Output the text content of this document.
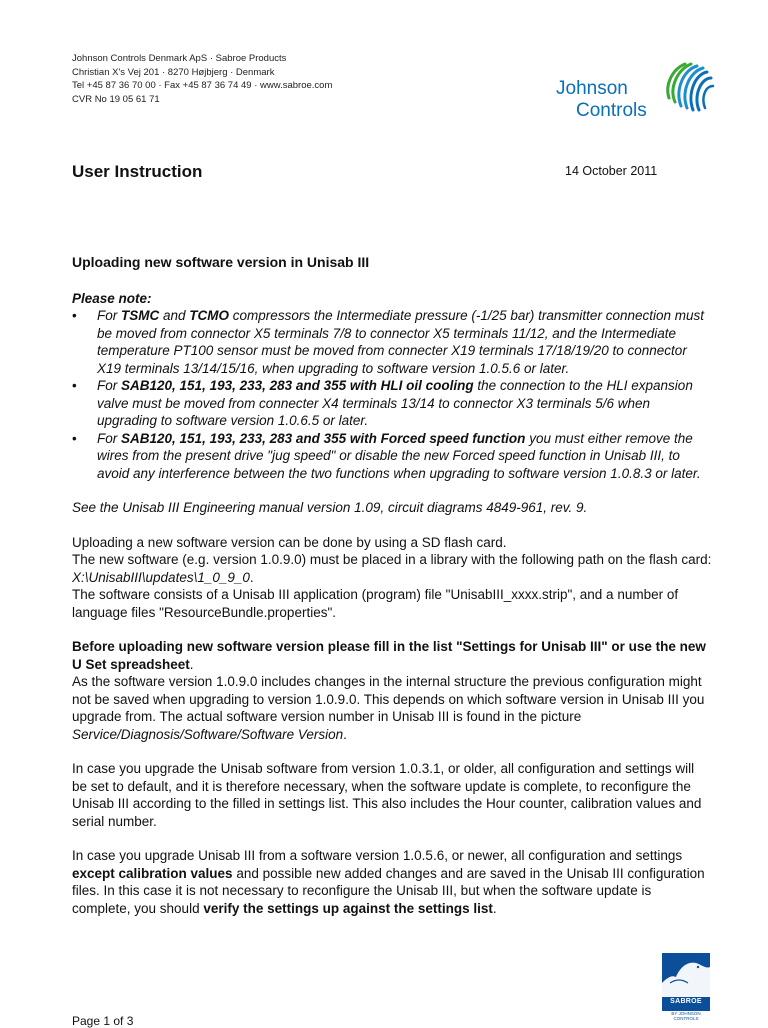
Johnson Controls Denmark ApS · Sabroe Products
Christian X's Vej 201 · 8270 Højbjerg · Denmark
Tel +45 87 36 70 00 · Fax +45 87 36 74 49 · www.sabroe.com
CVR No 19 05 61 71	Johnson
Controls
User Instruction	14 October 2011

Uploading new software version in Unisab III

Please note:

• For TSMC and TCMO compressors the Intermediate pressure (-1/25 bar) transmitter connection must be moved from connector X5 terminals 7/8 to connector X5 terminals 11/12, and the Intermediate temperature PT100 sensor must be moved from connecter X19 terminals 17/18/19/20 to connector X19 terminals 13/14/15/16, when upgrading to software version 1.0.5.6 or later.
• For SAB120, 151, 193, 233, 283 and 355 with HLI oil cooling the connection to the HLI expansion valve must be moved from connecter X4 terminals 13/14 to connector X3 terminals 5/6 when upgrading to software version 1.0.6.5 or later.
• For SAB120, 151, 193, 233, 283 and 355 with Forced speed function you must either remove the wires from the present drive "jug speed" or disable the new Forced speed function in Unisab III, to avoid any interference between the two functions when upgrading to software version 1.0.8.3 or later.

See the Unisab III Engineering manual version 1.09, circuit diagrams 4849-961, rev. 9.

Uploading a new software version can be done by using a SD flash card.

The new software (e.g. version 1.0.9.0) must be placed in a library with the following path on the flash card: X:\UnisabIII\updates\1_0_9_0.

The software consists of a Unisab III application (program) file "UnisabIII_xxxx.strip", and a number of language files "ResourceBundle.properties".

Before uploading new software version please fill in the list "Settings for Unisab III" or use the new U Set spreadsheet.

As the software version 1.0.9.0 includes changes in the internal structure the previous configuration might not be saved when upgrading to version 1.0.9.0. This depends on which software version in Unisab III you upgrade from. The actual software version number in Unisab III is found in the picture Service/Diagnosis/Software/Software Version.

In case you upgrade the Unisab software from version 1.0.3.1, or older, all configuration and settings will be set to default, and it is therefore necessary, when the software update is complete, to reconfigure the Unisab III according to the filled in settings list. This also includes the Hour counter, calibration values and serial number.

In case you upgrade Unisab III from a software version 1.0.5.6, or newer, all configuration and settings except calibration values and possible new added changes and are saved in the Unisab III configuration files. In this case it is not necessary to reconfigure the Unisab III, but when the software update is complete, you should verify the settings up against the settings list.

SABROE
BY JOHNSON CONTROLS
Page 1 of 3
